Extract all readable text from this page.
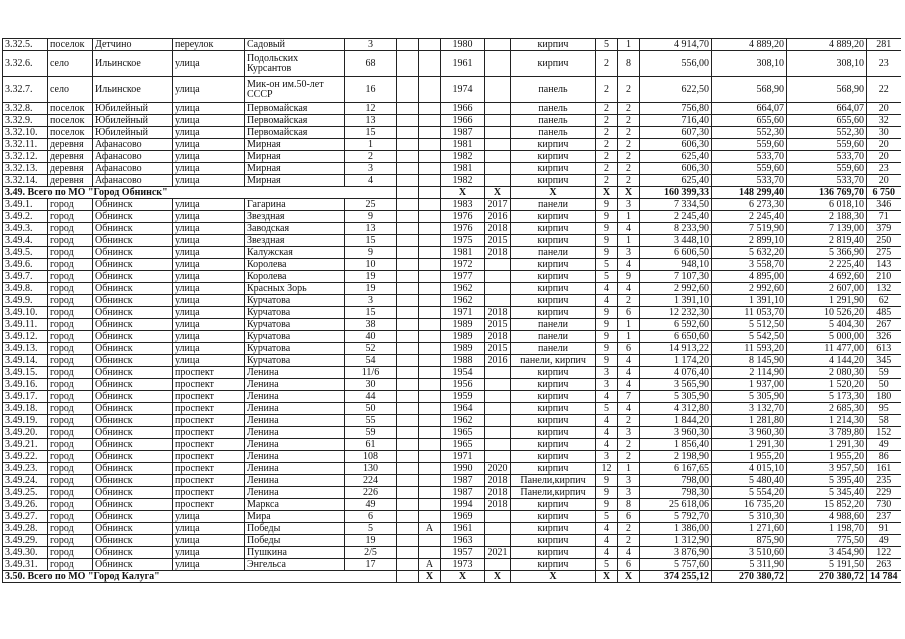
3.32.5.	поселок	Детчино	переулок	Садовый	3			1980		кирпич	5	1	4 914,70	4 889,20	4 889,20	281
3.32.6.	село	Ильинское	улица	Подольских Курсантов	68			1961		кирпич	2	8	556,00	308,10	308,10	23
3.32.7.	село	Ильинское	улица	Мик-он им.50-лет СССР	16			1974		панель	2	2	622,50	568,90	568,90	22
3.32.8.	поселок	Юбилейный	улица	Первомайская	12			1966		панель	2	2	756,80	664,07	664,07	20
3.32.9.	поселок	Юбилейный	улица	Первомайская	13			1966		панель	2	2	716,40	655,60	655,60	32
3.32.10.	поселок	Юбилейный	улица	Первомайская	15			1987		панель	2	2	607,30	552,30	552,30	30
3.32.11.	деревня	Афанасово	улица	Мирная	1			1981		кирпич	2	2	606,30	559,60	559,60	20
3.32.12.	деревня	Афанасово	улица	Мирная	2			1982		кирпич	2	2	625,40	533,70	533,70	20
3.32.13.	деревня	Афанасово	улица	Мирная	3			1981		кирпич	2	2	606,30	559,60	559,60	23
3.32.14.	деревня	Афанасово	улица	Мирная	4			1982		кирпич	2	2	625,40	533,70	533,70	20
3.49. Всего по МО "Город Обнинск"								X	X	X	X	X	160 399,33	148 299,40	136 769,70	6 750
3.49.1.	город	Обнинск	улица	Гагарина	25			1983	2017	панели	9	3	7 334,50	6 273,30	6 018,10	346
3.49.2.	город	Обнинск	улица	Звездная	9			1976	2016	кирпич	9	1	2 245,40	2 245,40	2 188,30	71
3.49.3.	город	Обнинск	улица	Заводская	13			1976	2018	кирпич	9	4	8 233,90	7 519,90	7 139,00	379
3.49.4.	город	Обнинск	улица	Звездная	15			1975	2015	кирпич	9	1	3 448,10	2 899,10	2 819,40	250
3.49.5.	город	Обнинск	улица	Калужская	9			1981	2018	панели	9	3	6 606,50	5 632,20	5 366,90	275
3.49.6.	город	Обнинск	улица	Королева	10			1972		кирпич	5	4	948,10	3 558,70	2 225,40	143
3.49.7.	город	Обнинск	улица	Королева	19			1977		кирпич	5	9	7 107,30	4 895,00	4 692,60	210
3.49.8.	город	Обнинск	улица	Красных Зорь	19			1962		кирпич	4	4	2 992,60	2 992,60	2 607,00	132
3.49.9.	город	Обнинск	улица	Курчатова	3			1962		кирпич	4	2	1 391,10	1 391,10	1 291,90	62
3.49.10.	город	Обнинск	улица	Курчатова	15			1971	2018	кирпич	9	6	12 232,30	11 053,70	10 526,20	485
3.49.11.	город	Обнинск	улица	Курчатова	38			1989	2015	панели	9	1	6 592,60	5 512,50	5 404,30	267
3.49.12.	город	Обнинск	улица	Курчатова	40			1989	2018	панели	9	1	6 650,60	5 542,50	5 000,00	326
3.49.13.	город	Обнинск	улица	Курчатова	52			1989	2015	панели	9	6	14 913,22	11 593,20	11 477,00	613
3.49.14.	город	Обнинск	улица	Курчатова	54			1988	2016	панели, кирпич	9	4	1 174,20	8 145,90	4 144,20	345
3.49.15.	город	Обнинск	проспект	Ленина	11/6			1954		кирпич	3	4	4 076,40	2 114,90	2 080,30	59
3.49.16.	город	Обнинск	проспект	Ленина	30			1956		кирпич	3	4	3 565,90	1 937,00	1 520,20	50
3.49.17.	город	Обнинск	проспект	Ленина	44			1959		кирпич	4	7	5 305,90	5 305,90	5 173,30	180
3.49.18.	город	Обнинск	проспект	Ленина	50			1964		кирпич	5	4	4 312,80	3 132,70	2 685,30	95
3.49.19.	город	Обнинск	проспект	Ленина	55			1962		кирпич	4	2	1 844,20	1 281,80	1 214,30	58
3.49.20.	город	Обнинск	проспект	Ленина	59			1965		кирпич	4	3	3 960,30	3 960,30	3 789,80	152
3.49.21.	город	Обнинск	проспект	Ленина	61			1965		кирпич	4	2	1 856,40	1 291,30	1 291,30	49
3.49.22.	город	Обнинск	проспект	Ленина	108			1971		кирпич	3	2	2 198,90	1 955,20	1 955,20	86
3.49.23.	город	Обнинск	проспект	Ленина	130			1990	2020	кирпич	12	1	6 167,65	4 015,10	3 957,50	161
3.49.24.	город	Обнинск	проспект	Ленина	224			1987	2018	Панели,кирпич	9	3	798,00	5 480,40	5 395,40	235
3.49.25.	город	Обнинск	проспект	Ленина	226			1987	2018	Панели,кирпич	9	3	798,30	5 554,20	5 345,40	229
3.49.26.	город	Обнинск	проспект	Маркса	49			1994	2018	кирпич	9	8	25 618,06	16 735,20	15 852,20	730
3.49.27.	город	Обнинск	улица	Мира	6			1969		кирпич	5	6	5 792,70	5 310,30	4 988,60	237
3.49.28.	город	Обнинск	улица	Победы	5		А	1961		кирпич	4	2	1 386,00	1 271,60	1 198,70	91
3.49.29.	город	Обнинск	улица	Победы	19			1963		кирпич	4	2	1 312,90	875,90	775,50	49
3.49.30.	город	Обнинск	улица	Пушкина	2/5			1957	2021	кирпич	4	4	3 876,90	3 510,60	3 454,90	122
3.49.31.	город	Обнинск	улица	Энгельса	17		А	1973		кирпич	5	6	5 757,60	5 311,90	5 191,50	263
3.50. Всего по МО "Город Калуга"							X	X	X	X	X	X	374 255,12	270 380,72	270 380,72	14 784
